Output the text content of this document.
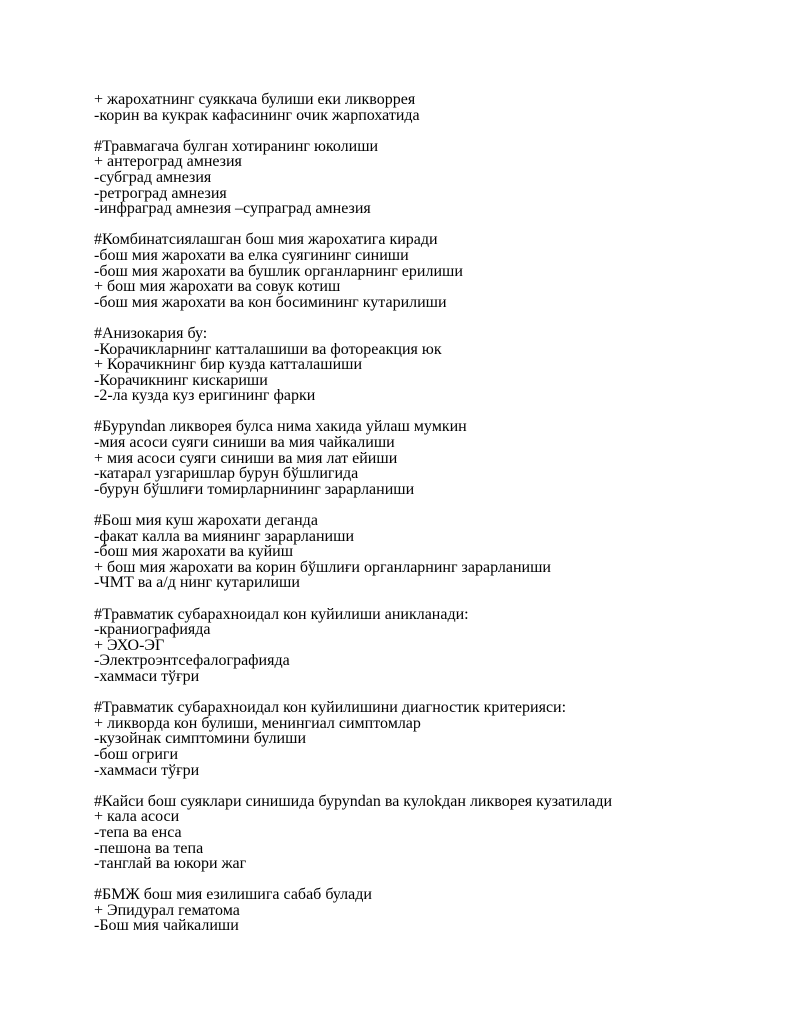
+ жарохатнинг суяккача булиши еки ликворрея
-корин ва кукрак кафасининг очик жарпохатида
#Травмагача булган хотиранинг юколиши
+ антероград амнезия
-субград амнезия
-ретроград амнезия
-инфраград амнезия –супраград амнезия
#Комбинатсиялашган бош мия жарохатига киради
-бош мия жарохати ва елка суягининг синиши
-бош мия жарохати ва бушлик органларнинг ерилиши
+ бош мия жарохати ва совук котиш
-бош мия жарохати ва кон босимининг кутарилиши
#Анизокария бу:
-Корачикларнинг катталашиши ва фотореакция юк
+ Корачикнинг бир кузда катталашиши
-Корачикнинг кискариши
-2-ла кузда куз еригининг фарки
#Буруndan ликворея булса нима хакида уйлаш мумкин
-мия асоси суяги синиши ва мия чайкалиши
+ мия асоси суяги синиши ва мия лат ейиши
-катарал узгаришлар бурун бўшлигида
-бурун бўшлиғи томирларнининг зарарланиши
#Бош мия куш жарохати деганда
-факат калла ва миянинг зарарланиши
-бош мия жарохати ва куйиш
+ бош мия жарохати ва корин бўшлиғи органларнинг зарарланиши
-ЧМТ ва а/д нинг кутарилиши
#Травматик субарахноидал кон куйилиши аникланади:
-краниографияда
+ ЭХО-ЭГ
-Электроэнтсефалографияда
-хаммаси тўғри
#Травматик субарахноидал кон куйилишини диагностик критерияси:
+ ликворда кон булиши, менингиал симптомлар
-кузойнак симптомини булиши
-бош огриги
-хаммаси тўғри
#Кайси бош суяклари синишида буруndan ва кулоkдан ликворея кузатилади
+ кала асоси
-тепа ва енса
-пешона ва тепа
-танглай ва юкори жаг
#БМЖ бош мия езилишига сабаб булади
+ Эпидурал гематома
-Бош мия чайкалиши
